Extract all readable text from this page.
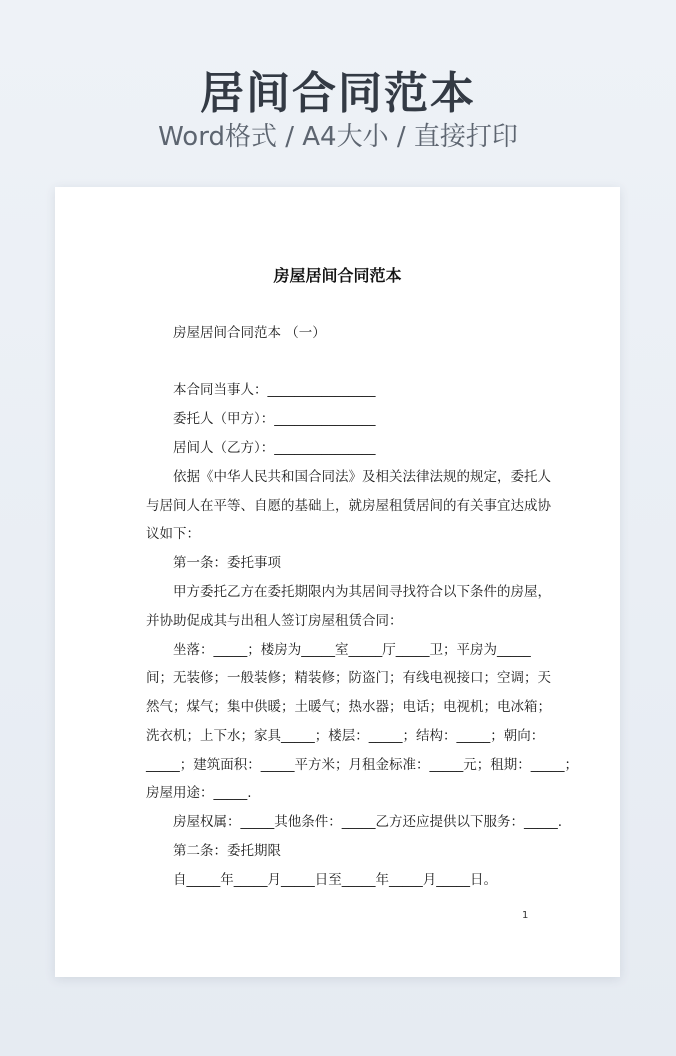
居间合同范本
Word格式 / A4大小 / 直接打印
房屋居间合同范本
房屋居间合同范本 （一）
本合同当事人：________________
委托人（甲方）：_______________
居间人（乙方）：_______________
依据《中华人民共和国合同法》及相关法律法规的规定，委托人
与居间人在平等、自愿的基础上，就房屋租赁居间的有关事宜达成协
议如下：
第一条：委托事项
甲方委托乙方在委托期限内为其居间寻找符合以下条件的房屋，
并协助促成其与出租人签订房屋租赁合同：
坐落：_____；楼房为_____室_____厅_____卫；平房为_____
间；无装修；一般装修；精装修；防盗门；有线电视接口；空调；天
然气；煤气；集中供暖；土暖气；热水器；电话；电视机；电冰箱；
洗衣机；上下水；家具_____；楼层：_____；结构：_____；朝向：
_____；建筑面积：_____平方米；月租金标准：_____元；租期：_____；
房屋用途：_____.
房屋权属：_____其他条件：_____乙方还应提供以下服务：_____.
第二条：委托期限
自_____年_____月_____日至_____年_____月_____日。
1
